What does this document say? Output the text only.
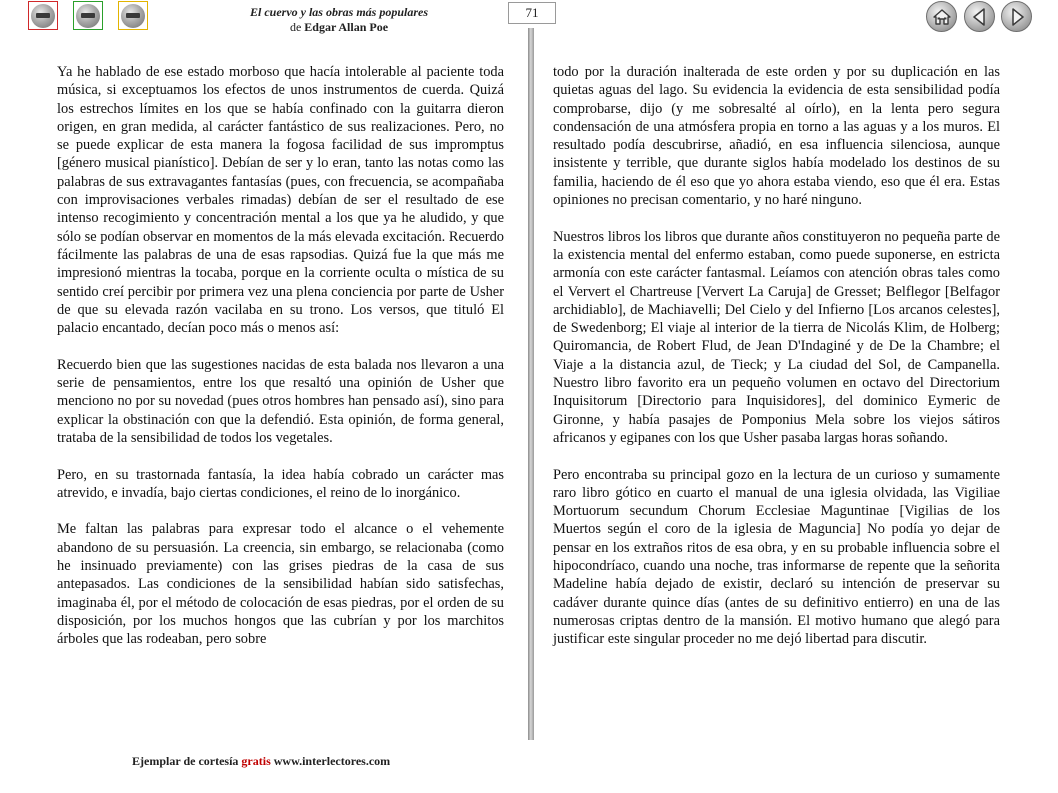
El cuervo y las obras más populares
de Edgar Allan Poe
71

Ya he hablado de ese estado morboso que hacía intolerable al paciente toda música, si exceptuamos los efectos de unos instrumentos de cuerda. Quizá los estrechos límites en los que se había confinado con la guitarra dieron origen, en gran medida, al carácter fantástico de sus realizaciones. Pero, no se puede explicar de esta manera la fogosa facilidad de sus impromptus [género musical pianístico]. Debían de ser y lo eran, tanto las notas como las palabras de sus extravagantes fantasías (pues, con frecuencia, se acompañaba con improvisaciones verbales rimadas) debían de ser el resultado de ese intenso recogimiento y concentración mental a los que ya he aludido, y que sólo se podían observar en momentos de la más elevada excitación. Recuerdo fácilmente las palabras de una de esas rapsodias. Quizá fue la que más me impresionó mientras la tocaba, porque en la corriente oculta o mística de su sentido creí percibir por primera vez una plena conciencia por parte de Usher de que su elevada razón vacilaba en su trono. Los versos, que tituló El palacio encantado, decían poco más o menos así:

Recuerdo bien que las sugestiones nacidas de esta balada nos llevaron a una serie de pensamientos, entre los que resaltó una opinión de Usher que menciono no por su novedad (pues otros hombres han pensado así), sino para explicar la obstinación con que la defendió. Esta opinión, de forma general, trataba de la sensibilidad de todos los vegetales.

Pero, en su trastornada fantasía, la idea había cobrado un carácter mas atrevido, e invadía, bajo ciertas condiciones, el reino de lo inorgánico.

Me faltan las palabras para expresar todo el alcance o el vehemente abandono de su persuasión. La creencia, sin embargo, se relacionaba (como he insinuado previamente) con las grises piedras de la casa de sus antepasados. Las condiciones de la sensibilidad habían sido satisfechas, imaginaba él, por el método de colocación de esas piedras, por el orden de su disposición, por los muchos hongos que las cubrían y por los marchitos árboles que las rodeaban, pero sobre

todo por la duración inalterada de este orden y por su duplicación en las quietas aguas del lago. Su evidencia la evidencia de esta sensibilidad podía comprobarse, dijo (y me sobresalté al oírlo), en la lenta pero segura condensación de una atmósfera propia en torno a las aguas y a los muros. El resultado podía descubrirse, añadió, en esa influencia silenciosa, aunque insistente y terrible, que durante siglos había modelado los destinos de su familia, haciendo de él eso que yo ahora estaba viendo, eso que él era. Estas opiniones no precisan comentario, y no haré ninguno.

Nuestros libros los libros que durante años constituyeron no pequeña parte de la existencia mental del enfermo estaban, como puede suponerse, en estricta armonía con este carácter fantasmal. Leíamos con atención obras tales como el Ververt el Chartreuse [Ververt La Caruja] de Gresset; Belflegor [Belfagor archidiablo], de Machiavelli; Del Cielo y del Infierno [Los arcanos celestes], de Swedenborg; El viaje al interior de la tierra de Nicolás Klim, de Holberg; Quiromancia, de Robert Flud, de Jean D'Indaginé y de De la Chambre; el Viaje a la distancia azul, de Tieck; y La ciudad del Sol, de Campanella. Nuestro libro favorito era un pequeño volumen en octavo del Directorium Inquisitorum [Directorio para Inquisidores], del dominico Eymeric de Gironne, y había pasajes de Pomponius Mela sobre los viejos sátiros africanos y egipanes con los que Usher pasaba largas horas soñando.

Pero encontraba su principal gozo en la lectura de un curioso y sumamente raro libro gótico en cuarto el manual de una iglesia olvidada, las Vigiliae Mortuorum secundum Chorum Ecclesiae Maguntinae [Vigilias de los Muertos según el coro de la iglesia de Maguncia] No podía yo dejar de pensar en los extraños ritos de esa obra, y en su probable influencia sobre el hipocondríaco, cuando una noche, tras informarse de repente que la señorita Madeline había dejado de existir, declaró su intención de preservar su cadáver durante quince días (antes de su definitivo entierro) en una de las numerosas criptas dentro de la mansión. El motivo humano que alegó para justificar este singular proceder no me dejó libertad para discutir.

Ejemplar de cortesía gratis www.interlectores.com
